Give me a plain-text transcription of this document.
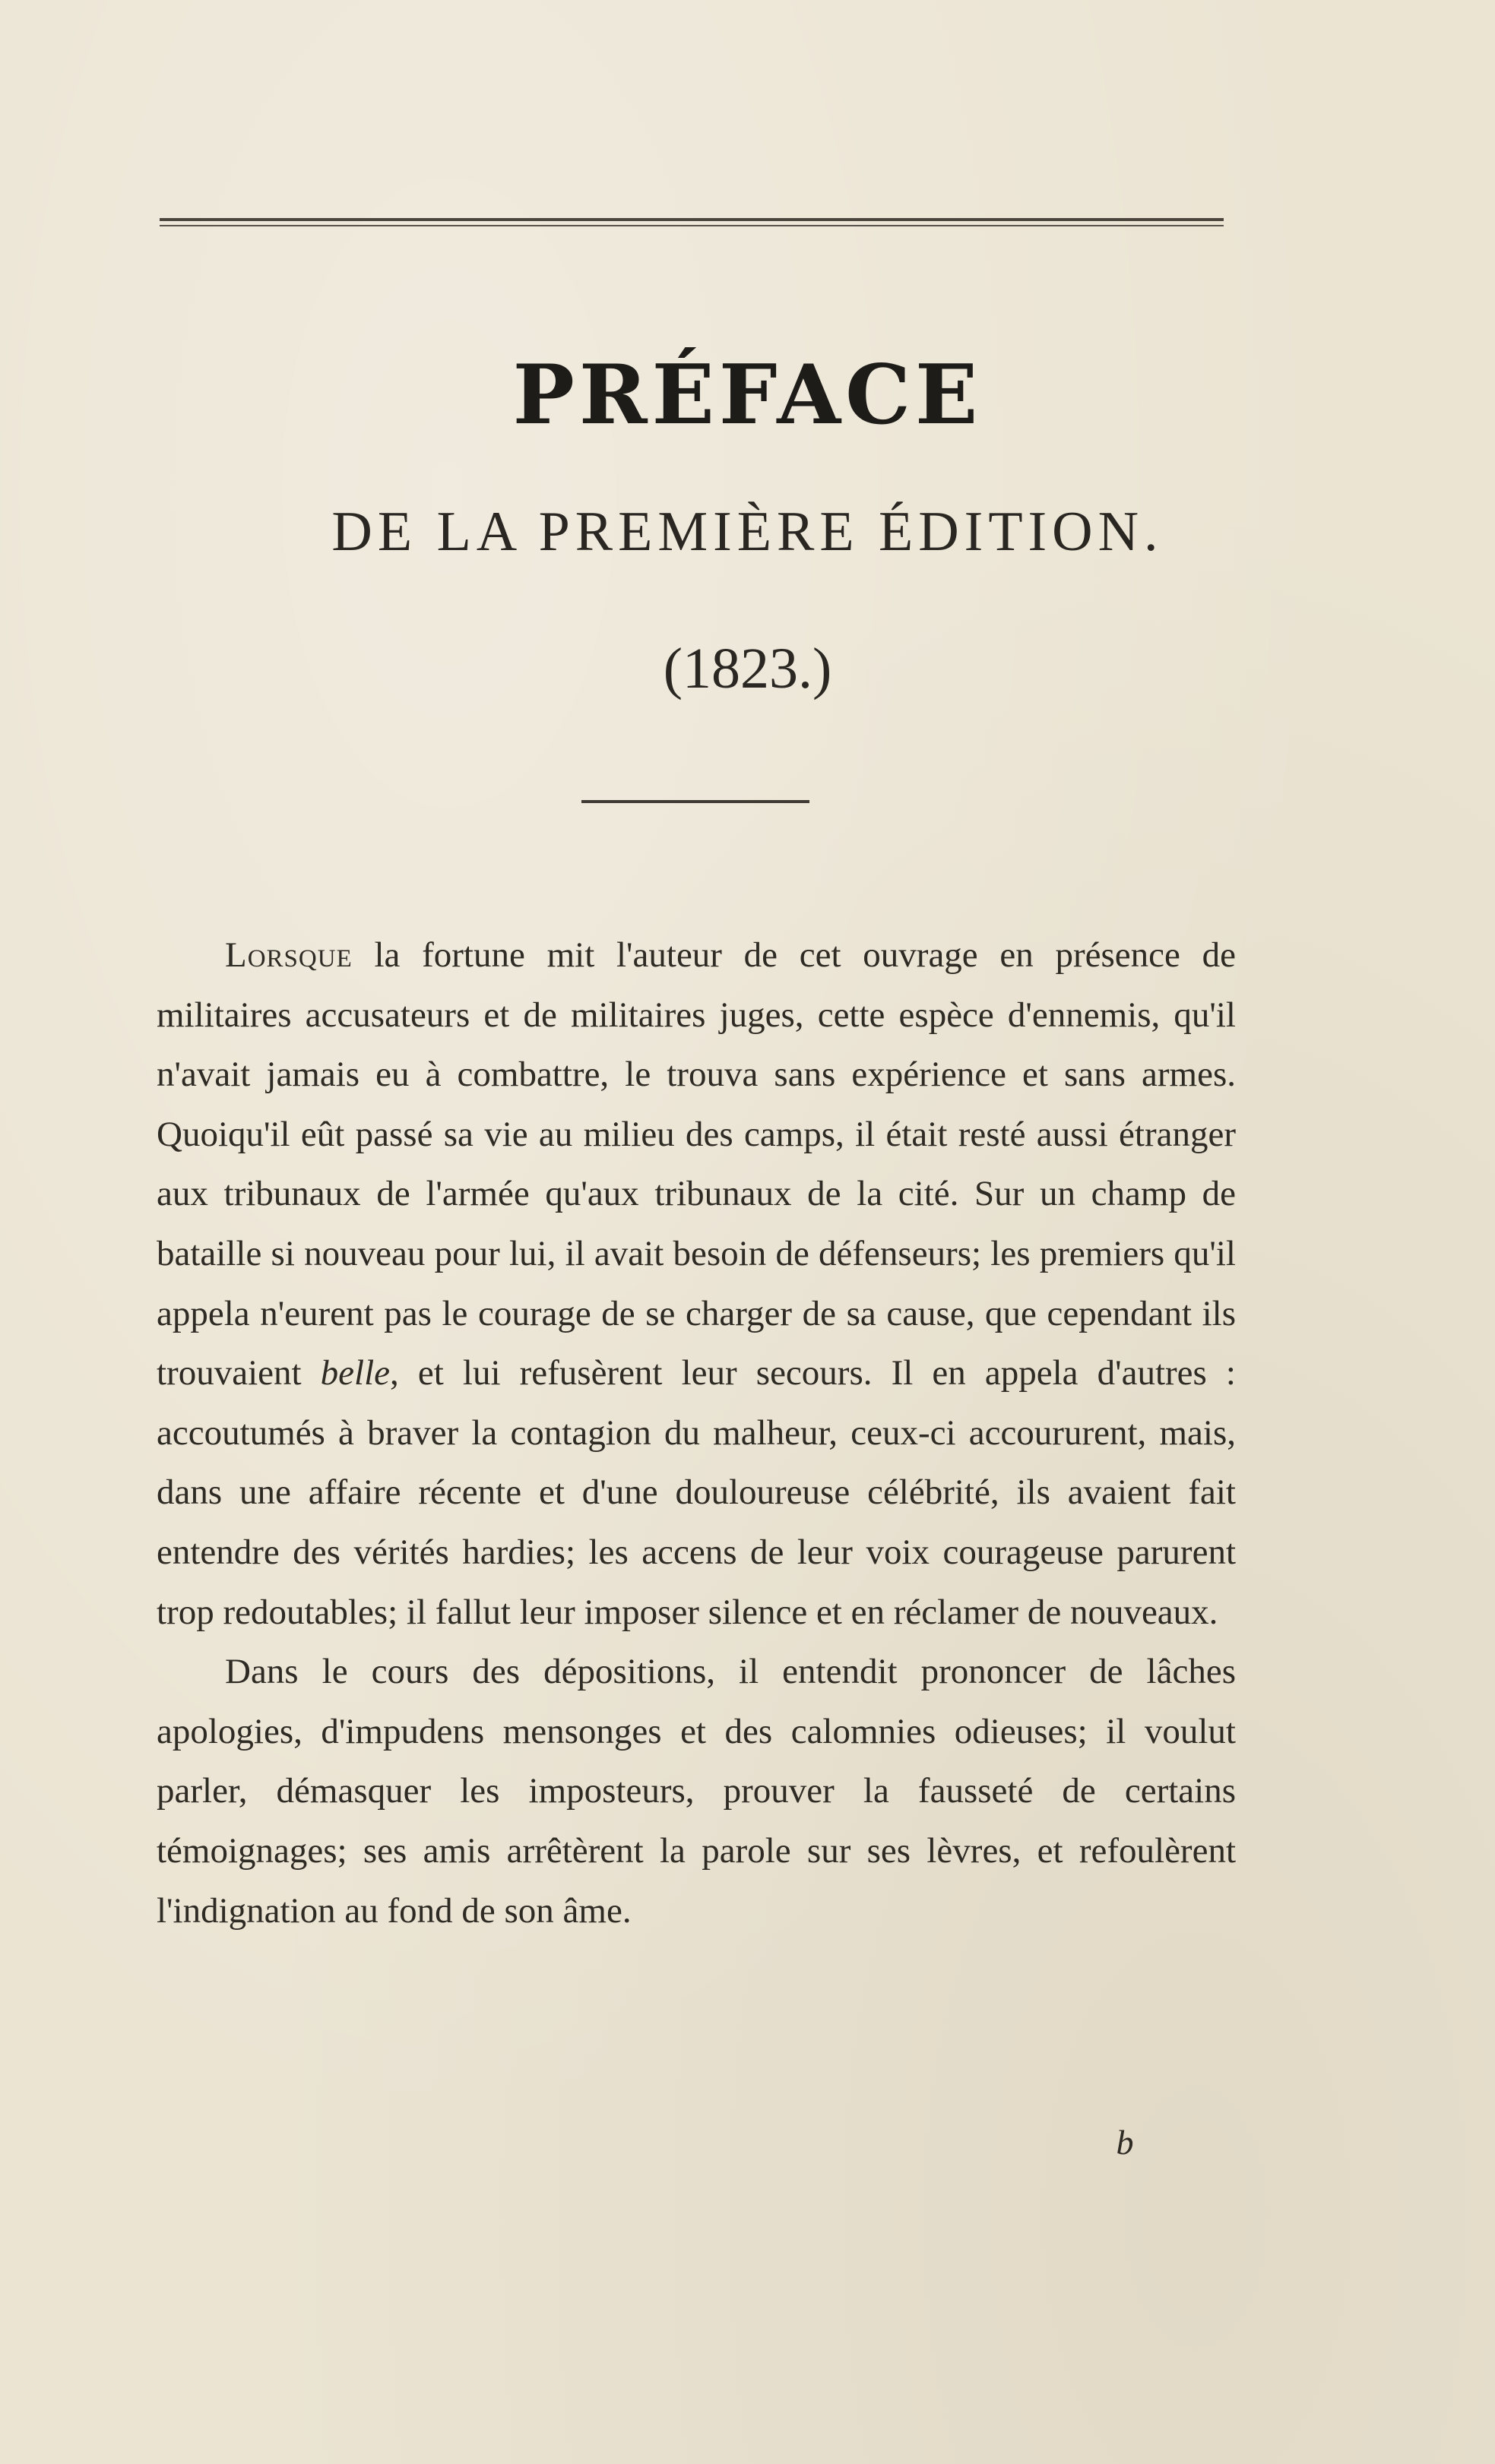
PRÉFACE
DE LA PREMIÈRE ÉDITION.
(1823.)

Lorsque la fortune mit l'auteur de cet ouvrage en présence de militaires accusateurs et de militaires juges, cette espèce d'ennemis, qu'il n'avait jamais eu à combattre, le trouva sans expérience et sans armes. Quoiqu'il eût passé sa vie au milieu des camps, il était resté aussi étranger aux tribunaux de l'armée qu'aux tribunaux de la cité. Sur un champ de bataille si nouveau pour lui, il avait besoin de défenseurs; les premiers qu'il appela n'eurent pas le courage de se charger de sa cause, que cependant ils trouvaient belle, et lui refusèrent leur secours. Il en appela d'autres : accoutumés à braver la contagion du malheur, ceux-ci accoururent, mais, dans une affaire récente et d'une douloureuse célébrité, ils avaient fait entendre des vérités hardies; les accens de leur voix courageuse parurent trop redoutables; il fallut leur imposer silence et en réclamer de nouveaux.

Dans le cours des dépositions, il entendit prononcer de lâches apologies, d'impudens mensonges et des calomnies odieuses; il voulut parler, démasquer les imposteurs, prouver la fausseté de certains témoignages; ses amis arrêtèrent la parole sur ses lèvres, et refoulèrent l'indignation au fond de son âme.

b
